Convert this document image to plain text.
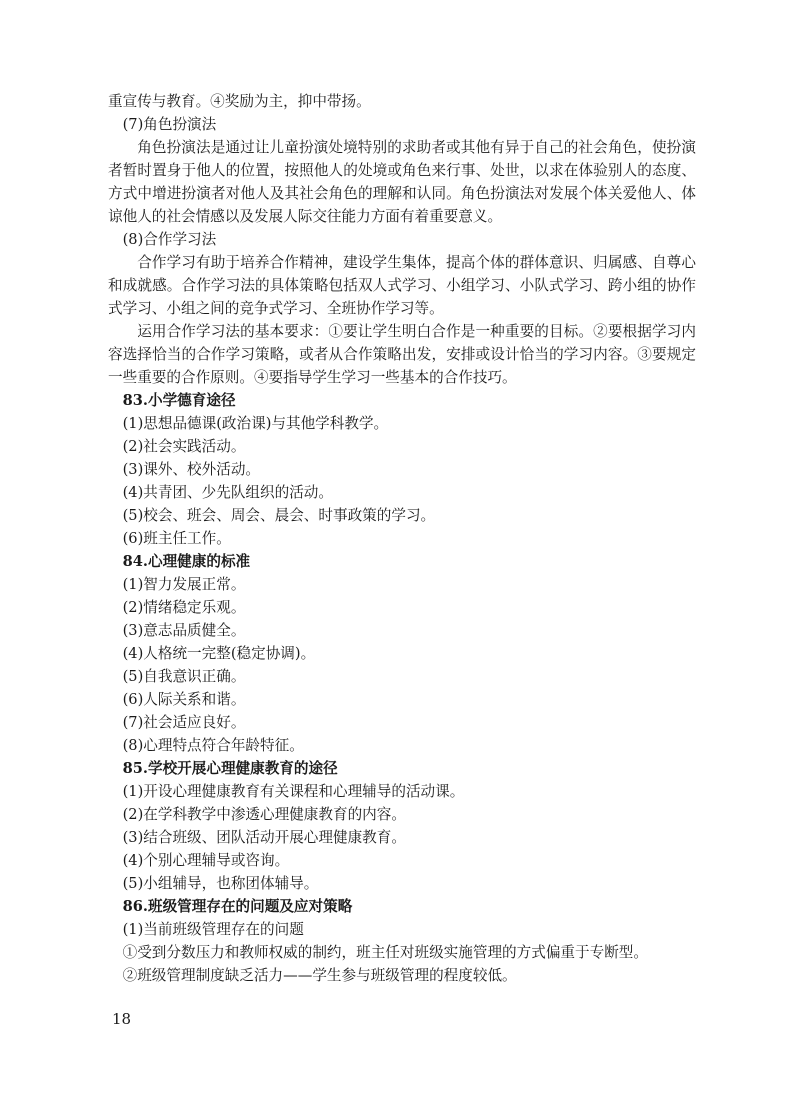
重宣传与教育。④奖励为主，抑中带扬。
(7)角色扮演法

角色扮演法是通过让儿童扮演处境特别的求助者或其他有异于自己的社会角色，使扮演者暂时置身于他人的位置，按照他人的处境或角色来行事、处世，以求在体验别人的态度、方式中增进扮演者对他人及其社会角色的理解和认同。角色扮演法对发展个体关爱他人、体谅他人的社会情感以及发展人际交往能力方面有着重要意义。

(8)合作学习法

合作学习有助于培养合作精神，建设学生集体，提高个体的群体意识、归属感、自尊心和成就感。合作学习法的具体策略包括双人式学习、小组学习、小队式学习、跨小组的协作式学习、小组之间的竞争式学习、全班协作学习等。

运用合作学习法的基本要求：①要让学生明白合作是一种重要的目标。②要根据学习内容选择恰当的合作学习策略，或者从合作策略出发，安排或设计恰当的学习内容。③要规定一些重要的合作原则。④要指导学生学习一些基本的合作技巧。

83.小学德育途径
(1)思想品德课(政治课)与其他学科教学。
(2)社会实践活动。
(3)课外、校外活动。
(4)共青团、少先队组织的活动。
(5)校会、班会、周会、晨会、时事政策的学习。
(6)班主任工作。
84.心理健康的标准
(1)智力发展正常。
(2)情绪稳定乐观。
(3)意志品质健全。
(4)人格统一完整(稳定协调)。
(5)自我意识正确。
(6)人际关系和谐。
(7)社会适应良好。
(8)心理特点符合年龄特征。
85.学校开展心理健康教育的途径
(1)开设心理健康教育有关课程和心理辅导的活动课。
(2)在学科教学中渗透心理健康教育的内容。
(3)结合班级、团队活动开展心理健康教育。
(4)个别心理辅导或咨询。
(5)小组辅导，也称团体辅导。
86.班级管理存在的问题及应对策略
(1)当前班级管理存在的问题
①受到分数压力和教师权威的制约，班主任对班级实施管理的方式偏重于专断型。
②班级管理制度缺乏活力——学生参与班级管理的程度较低。
18
